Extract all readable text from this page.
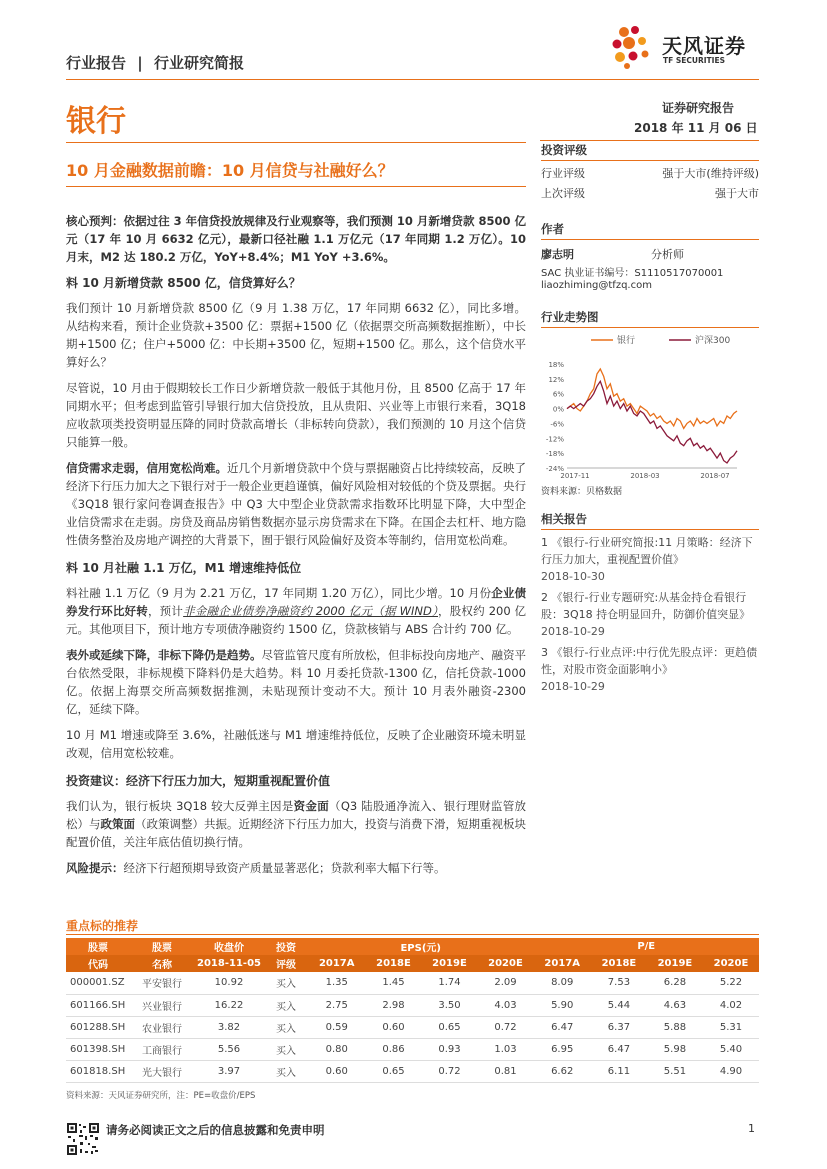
行业报告 | 行业研究简报
天风证券
TF SECURITIES
银行	证券研究报告
2018 年 11 月 06 日
10 月金融数据前瞻：10 月信贷与社融好么？
核心预判：依据过往 3 年信贷投放规律及行业观察等，我们预测 10 月新增贷款 8500 亿元（17 年 10 月 6632 亿元），最新口径社融 1.1 万亿元（17 年同期 1.2 万亿）。10 月末，M2 达 180.2 万亿，YoY+8.4%；M1 YoY +3.6%。
料 10 月新增贷款 8500 亿，信贷算好么？
我们预计 10 月新增贷款 8500 亿（9 月 1.38 万亿，17 年同期 6632 亿），同比多增。从结构来看，预计企业贷款+3500 亿：票据+1500 亿（依据票交所高频数据推断），中长期+1500 亿；住户+5000 亿：中长期+3500 亿，短期+1500 亿。那么，这个信贷水平算好么？
尽管说，10 月由于假期较长工作日少新增贷款一般低于其他月份，且 8500 亿高于 17 年同期水平；但考虑到监管引导银行加大信贷投放，且从贵阳、兴业等上市银行来看，3Q18 应收款项类投资明显压降的同时贷款高增长（非标转向贷款），我们预测的 10 月这个信贷只能算一般。
信贷需求走弱，信用宽松尚难。近几个月新增贷款中个贷与票据融资占比持续较高，反映了经济下行压力加大之下银行对于一般企业更趋谨慎，偏好风险相对较低的个贷及票据。央行《3Q18 银行家问卷调查报告》中 Q3 大中型企业贷款需求指数环比明显下降，大中型企业信贷需求在走弱。房贷及商品房销售数据亦显示房贷需求在下降。在国企去杠杆、地方隐性债务整治及房地产调控的大背景下，囿于银行风险偏好及资本等制约，信用宽松尚难。
料 10 月社融 1.1 万亿，M1 增速维持低位
料社融 1.1 万亿（9 月为 2.21 万亿，17 年同期 1.20 万亿），同比少增。10 月份企业债券发行环比好转，预计非金融企业债券净融资约 2000 亿元（据 WIND），股权约 200 亿元。其他项目下，预计地方专项债净融资约 1500 亿，贷款核销与 ABS 合计约 700 亿。
表外或延续下降，非标下降仍是趋势。尽管监管尺度有所放松，但非标投向房地产、融资平台依然受限，非标规模下降料仍是大趋势。料 10 月委托贷款-1300 亿，信托贷款-1000 亿。依据上海票交所高频数据推测，未贴现预计变动不大。预计 10 月表外融资-2300 亿，延续下降。
10 月 M1 增速或降至 3.6%，社融低迷与 M1 增速维持低位，反映了企业融资环境未明显改观，信用宽松较难。
投资建议：经济下行压力加大，短期重视配置价值
我们认为，银行板块 3Q18 较大反弹主因是资金面（Q3 陆股通净流入、银行理财监管放松）与政策面（政策调整）共振。近期经济下行压力加大，投资与消费下滑，短期重视板块配置价值，关注年底估值切换行情。
风险提示：经济下行超预期导致资产质量显著恶化；贷款利率大幅下行等。
投资评级
行业评级	强于大市(维持评级)
上次评级	强于大市
作者
廖志明	分析师
SAC 执业证书编号：S1110517070001
liaozhiming@tfzq.com
行业走势图
银行	沪深300
18%
12%
6%
0%
-6%
-12%
-18%
-24%
2017-11	2018-03	2018-07
资料来源：贝格数据
相关报告
1 《银行-行业研究简报:11 月策略：经济下行压力加大，重视配置价值》
2018-10-30
2 《银行-行业专题研究:从基金持仓看银行股：3Q18 持仓明显回升，防御价值突显》 2018-10-29
3 《银行-行业点评:中行优先股点评：更趋债性，对股市资金面影响小》
2018-10-29
重点标的推荐
股票	股票	收盘价	投资	EPS(元)				P/E			
代码	名称	2018-11-05	评级	2017A	2018E	2019E	2020E	2017A	2018E	2019E	2020E
000001.SZ	平安银行	10.92	买入	1.35	1.45	1.74	2.09	8.09	7.53	6.28	5.22
601166.SH	兴业银行	16.22	买入	2.75	2.98	3.50	4.03	5.90	5.44	4.63	4.02
601288.SH	农业银行	3.82	买入	0.59	0.60	0.65	0.72	6.47	6.37	5.88	5.31
601398.SH	工商银行	5.56	买入	0.80	0.86	0.93	1.03	6.95	6.47	5.98	5.40
601818.SH	光大银行	3.97	买入	0.60	0.65	0.72	0.81	6.62	6.11	5.51	4.90
资料来源：天风证券研究所，注：PE=收盘价/EPS
请务必阅读正文之后的信息披露和免责申明	1
